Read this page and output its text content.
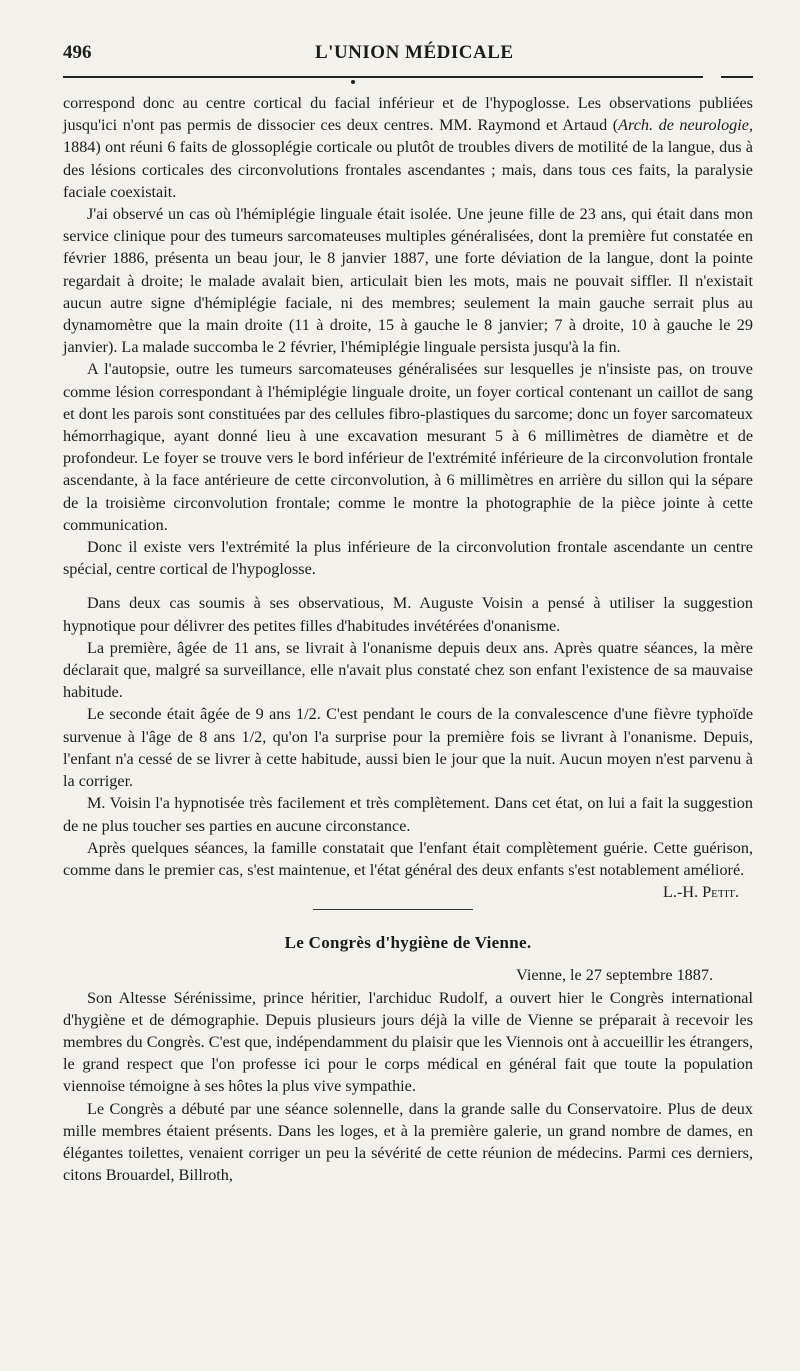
496	L'UNION MÉDICALE

correspond donc au centre cortical du facial inférieur et de l'hypoglosse. Les observations publiées jusqu'ici n'ont pas permis de dissocier ces deux centres. MM. Raymond et Artaud (Arch. de neurologie, 1884) ont réuni 6 faits de glossoplégie corticale ou plutôt de troubles divers de motilité de la langue, dus à des lésions corticales des circonvolutions frontales ascendantes ; mais, dans tous ces faits, la paralysie faciale coexistait.

J'ai observé un cas où l'hémiplégie linguale était isolée. Une jeune fille de 23 ans, qui était dans mon service clinique pour des tumeurs sarcomateuses multiples généralisées, dont la première fut constatée en février 1886, présenta un beau jour, le 8 janvier 1887, une forte déviation de la langue, dont la pointe regardait à droite; le malade avalait bien, articulait bien les mots, mais ne pouvait siffler. Il n'existait aucun autre signe d'hémiplégie faciale, ni des membres; seulement la main gauche serrait plus au dynamomètre que la main droite (11 à droite, 15 à gauche le 8 janvier; 7 à droite, 10 à gauche le 29 janvier). La malade succomba le 2 février, l'hémiplégie linguale persista jusqu'à la fin.

A l'autopsie, outre les tumeurs sarcomateuses généralisées sur lesquelles je n'insiste pas, on trouve comme lésion correspondant à l'hémiplégie linguale droite, un foyer cortical contenant un caillot de sang et dont les parois sont constituées par des cellules fibro-plastiques du sarcome; donc un foyer sarcomateux hémorrhagique, ayant donné lieu à une excavation mesurant 5 à 6 millimètres de diamètre et de profondeur. Le foyer se trouve vers le bord inférieur de l'extrémité inférieure de la circonvolution frontale ascendante, à la face antérieure de cette circonvolution, à 6 millimètres en arrière du sillon qui la sépare de la troisième circonvolution frontale; comme le montre la photographie de la pièce jointe à cette communication.

Donc il existe vers l'extrémité la plus inférieure de la circonvolution frontale ascendante un centre spécial, centre cortical de l'hypoglosse.

Dans deux cas soumis à ses observatious, M. Auguste Voisin a pensé à utiliser la suggestion hypnotique pour délivrer des petites filles d'habitudes invétérées d'onanisme.

La première, âgée de 11 ans, se livrait à l'onanisme depuis deux ans. Après quatre séances, la mère déclarait que, malgré sa surveillance, elle n'avait plus constaté chez son enfant l'existence de sa mauvaise habitude.

Le seconde était âgée de 9 ans 1/2. C'est pendant le cours de la convalescence d'une fièvre typhoïde survenue à l'âge de 8 ans 1/2, qu'on l'a surprise pour la première fois se livrant à l'onanisme. Depuis, l'enfant n'a cessé de se livrer à cette habitude, aussi bien le jour que la nuit. Aucun moyen n'est parvenu à la corriger.

M. Voisin l'a hypnotisée très facilement et très complètement. Dans cet état, on lui a fait la suggestion de ne plus toucher ses parties en aucune circonstance.

Après quelques séances, la famille constatait que l'enfant était complètement guérie. Cette guérison, comme dans le premier cas, s'est maintenue, et l'état général des deux enfants s'est notablement amélioré.
L.-H. Petit.

Le Congrès d'hygiène de Vienne.

Vienne, le 27 septembre 1887.

Son Altesse Sérénissime, prince héritier, l'archiduc Rudolf, a ouvert hier le Congrès international d'hygiène et de démographie. Depuis plusieurs jours déjà la ville de Vienne se préparait à recevoir les membres du Congrès. C'est que, indépendamment du plaisir que les Viennois ont à accueillir les étrangers, le grand respect que l'on professe ici pour le corps médical en général fait que toute la population viennoise témoigne à ses hôtes la plus vive sympathie.

Le Congrès a débuté par une séance solennelle, dans la grande salle du Conservatoire. Plus de deux mille membres étaient présents. Dans les loges, et à la première galerie, un grand nombre de dames, en élégantes toilettes, venaient corriger un peu la sévérité de cette réunion de médecins. Parmi ces derniers, citons Brouardel, Billroth,
